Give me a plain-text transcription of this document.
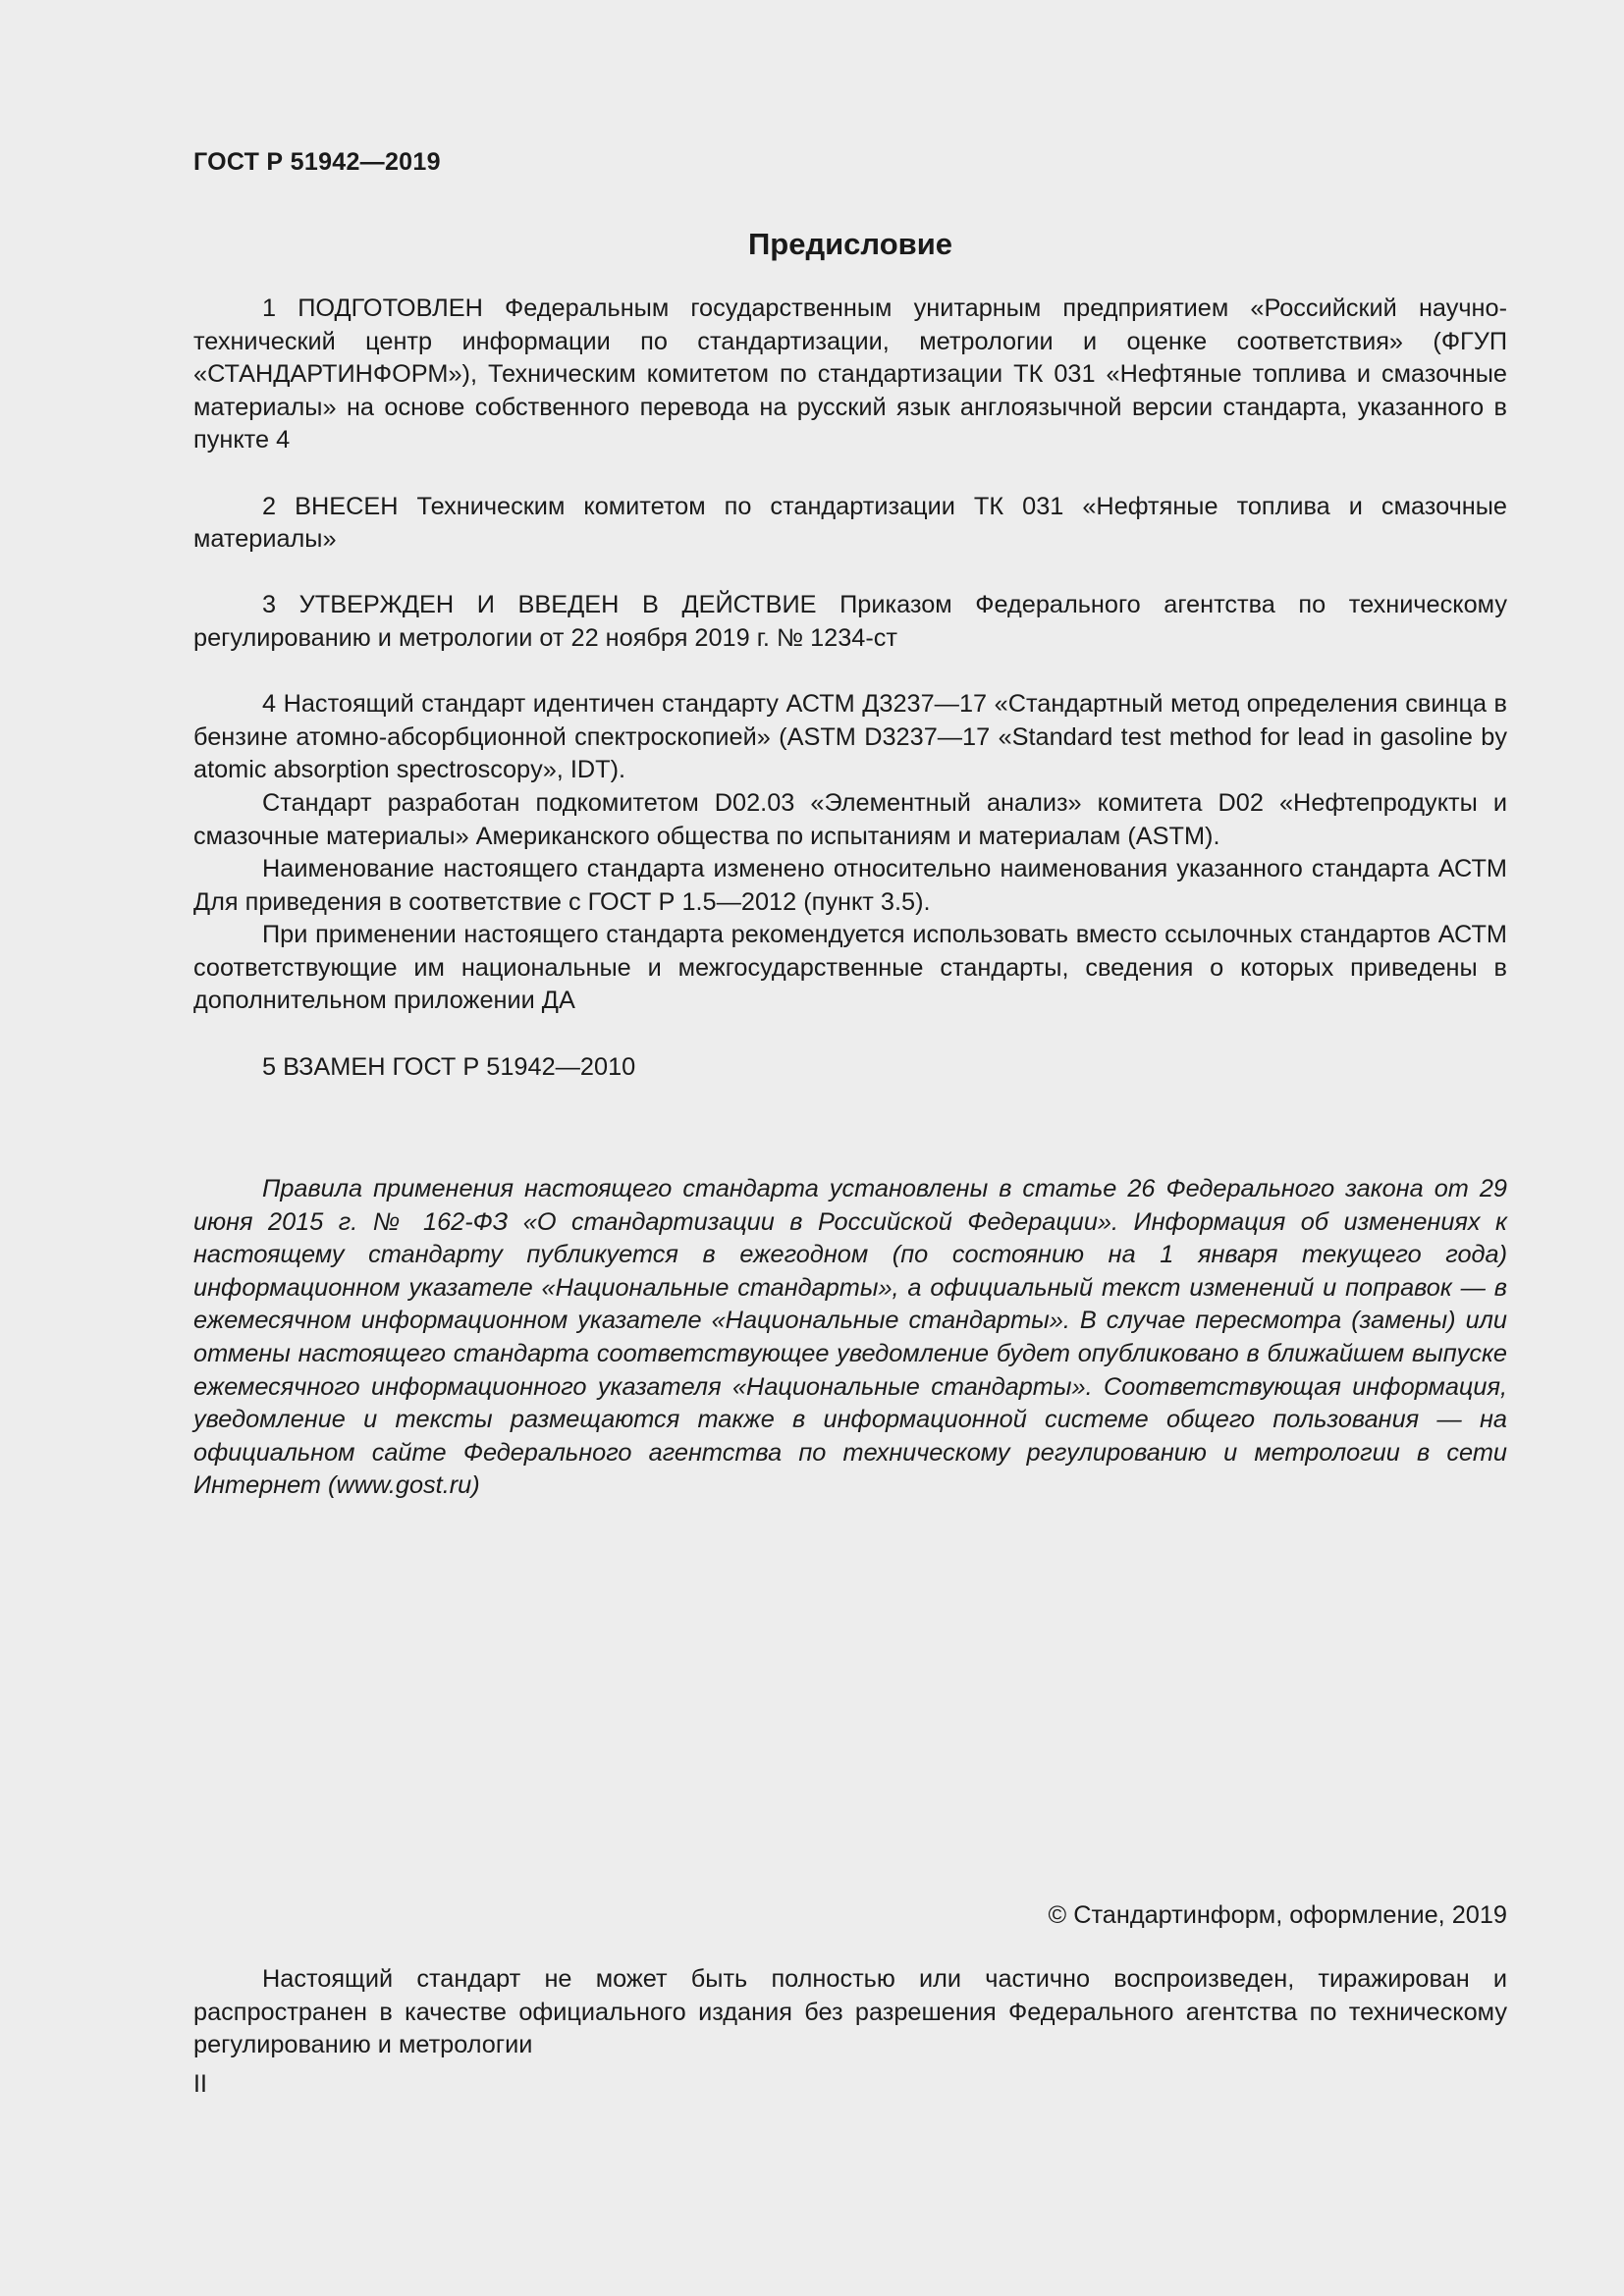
ГОСТ Р 51942—2019
Предисловие

1 ПОДГОТОВЛЕН Федеральным государственным унитарным предприятием «Российский научно-технический центр информации по стандартизации, метрологии и оценке соответствия» (ФГУП «СТАНДАРТИНФОРМ»), Техническим комитетом по стандартизации ТК 031 «Нефтяные топлива и смазочные материалы» на основе собственного перевода на русский язык англоязычной версии стандарта, указанного в пункте 4

2 ВНЕСЕН Техническим комитетом по стандартизации ТК 031 «Нефтяные топлива и смазочные материалы»

3 УТВЕРЖДЕН И ВВЕДЕН В ДЕЙСТВИЕ Приказом Федерального агентства по техническому регулированию и метрологии от 22 ноября 2019 г. № 1234-ст

4 Настоящий стандарт идентичен стандарту АСТМ Д3237—17 «Стандартный метод определения свинца в бензине атомно-абсорбционной спектроскопией» (ASTM D3237—17 «Standard test method for lead in gasoline by atomic absorption spectroscopy», IDT).

Стандарт разработан подкомитетом D02.03 «Элементный анализ» комитета D02 «Нефтепродукты и смазочные материалы» Американского общества по испытаниям и материалам (ASTM).

Наименование настоящего стандарта изменено относительно наименования указанного стандарта АСТМ Для приведения в соответствие с ГОСТ Р 1.5—2012 (пункт 3.5).

При применении настоящего стандарта рекомендуется использовать вместо ссылочных стандартов АСТМ соответствующие им национальные и межгосударственные стандарты, сведения о которых приведены в дополнительном приложении ДА

5 ВЗАМЕН ГОСТ Р 51942—2010

Правила применения настоящего стандарта установлены в статье 26 Федерального закона от 29 июня 2015 г. № 162-ФЗ «О стандартизации в Российской Федерации». Информация об изменениях к настоящему стандарту публикуется в ежегодном (по состоянию на 1 января текущего года) информационном указателе «Национальные стандарты», а официальный текст изменений и поправок — в ежемесячном информационном указателе «Национальные стандарты». В случае пересмотра (замены) или отмены настоящего стандарта соответствующее уведомление будет опубликовано в ближайшем выпуске ежемесячного информационного указателя «Национальные стандарты». Соответствующая информация, уведомление и тексты размещаются также в информационной системе общего пользования — на официальном сайте Федерального агентства по техническому регулированию и метрологии в сети Интернет (www.gost.ru)

© Стандартинформ, оформление, 2019

Настоящий стандарт не может быть полностью или частично воспроизведен, тиражирован и распространен в качестве официального издания без разрешения Федерального агентства по техническому регулированию и метрологии

II
